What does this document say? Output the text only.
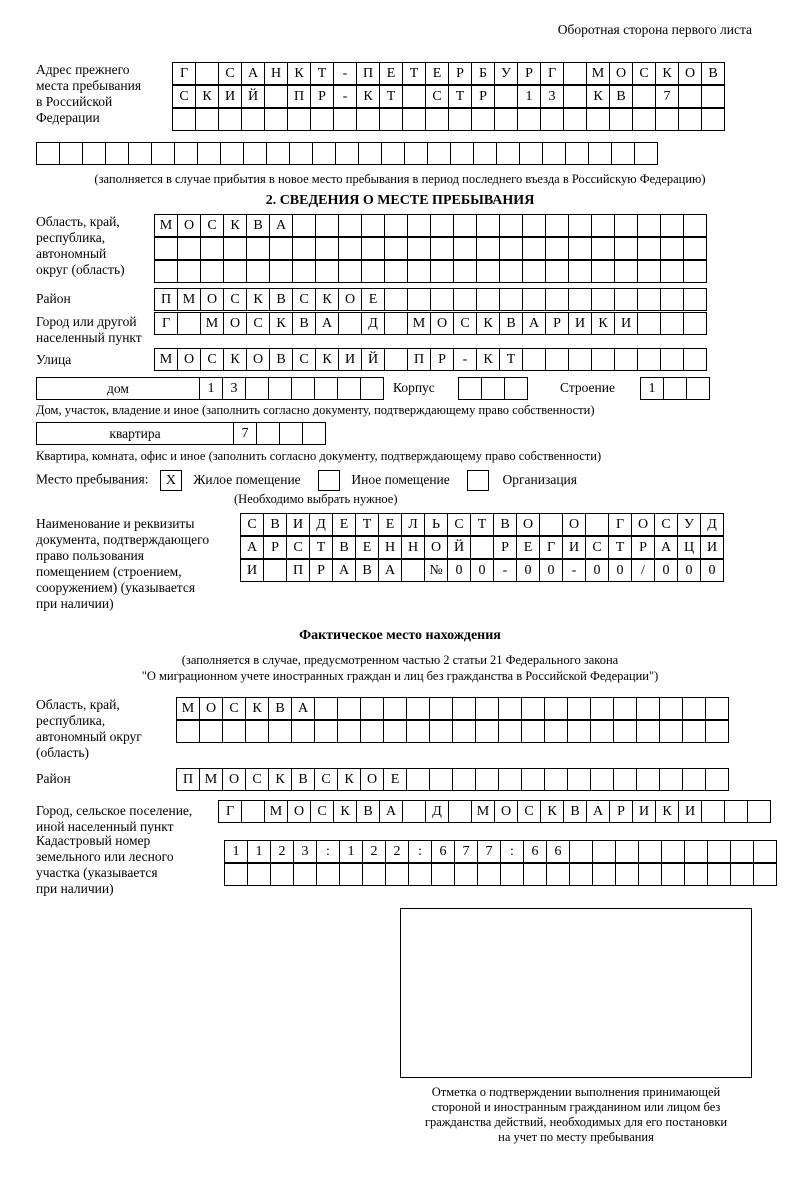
Оборотная сторона первого листа
Адрес прежнего
места пребывания
в Российской
Федерации
Г	С А Н К	Т	-	П Е	Т	Е	Р	Б	У	Р	Г	М О С К О В
С К И Й	П	Р	-	К	Т	С	Т	Р	1	3	К В	7
(заполняется в случае прибытия в новое место пребывания в период последнего въезда в Российскую Федерацию)
2. СВЕДЕНИЯ О МЕСТЕ ПРЕБЫВАНИЯ
Область, край,
республика,
автономный
округ (область)
М О С К В А
Район	П М О С К В С К О Е
Город или другой
населенный пункт
Г	М О С К В А	Д	М О С К В А	Р	И К И
Улица	М О С К О В С К И Й	П	Р	-	К	Т
дом	1	3	Корпус	Строение	1
Дом, участок, владение и иное (заполнить согласно документу, подтверждающему право собственности)
квартира	7
Квартира, комната, офис и иное (заполнить согласно документу, подтверждающему право собственности)
Место пребывания: X Жилое помещение	Иное помещение	Организация
(Необходимо выбрать нужное)
Наименование и реквизиты
документа, подтверждающего
право пользования
помещением (строением,
сооружением) (указывается
при наличии)
С В И Д Е	Т	Е Л	Ь	С	Т	В О	О	Г О С У Д
А	Р	С	Т	В	Е Н Н О Й	Р	Е	Г И С	Т	Р	А Ц И
И	П	Р	А В А	№ 0	0	-	0	0	-	0	0	/	0	0	0
Фактическое место нахождения
(заполняется в случае, предусмотренном частью 2 статьи 21 Федерального закона
"О миграционном учете иностранных граждан и лиц без гражданства в Российской Федерации")
Область, край,
республика,
автономный округ
(область)
М О С К В А
Район	П М О С К В С К О Е
Город, сельское поселение,
иной населенный пункт
Г	М О С К В А	Д	М О С К В А	Р	И К И
Кадастровый номер
земельного или лесного
участка (указывается
при наличии)
1	1	2	3	:	1	2	2	:	6	7	7	:	6	6
Отметка о подтверждении выполнения принимающей
стороной и иностранным гражданином или лицом без
гражданства действий, необходимых для его постановки
на учет по месту пребывания
